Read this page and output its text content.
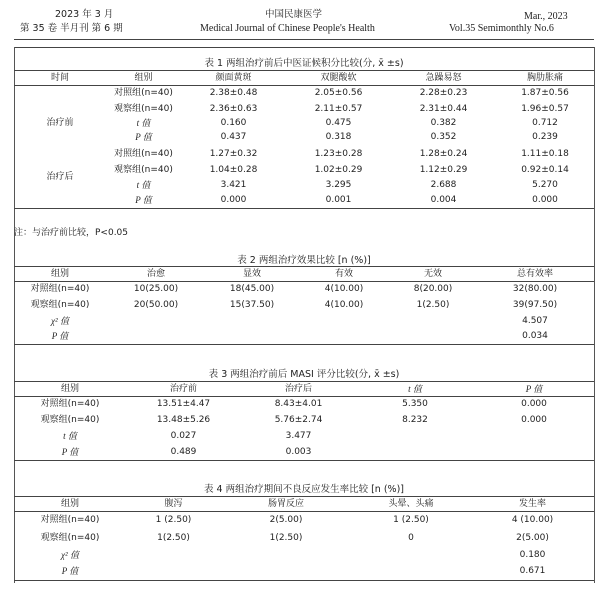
2023 年 3 月
第 35 卷 半月刊 第 6 期
中国民康医学
Medical Journal of Chinese People's Health
Mar., 2023
Vol.35 Semimonthly No.6
表 1 两组治疗前后中医证候积分比较(分, x̄ ±s)
时间	组别	颜面黄斑	双腿酸软	急躁易怒	胸肋胀痛
	对照组(n=40)	2.38±0.48	2.05±0.56	2.28±0.23	1.87±0.56
治疗前	观察组(n=40)	2.36±0.63	2.11±0.57	2.31±0.44	1.96±0.57
	t 值	0.160	0.475	0.382	0.712
	P 值	0.437	0.318	0.352	0.239
	对照组(n=40)	1.27±0.32	1.23±0.28	1.28±0.24	1.11±0.18
治疗后	观察组(n=40)	1.04±0.28	1.02±0.29	1.12±0.29	0.92±0.14
	t 值	3.421	3.295	2.688	5.270
	P 值	0.000	0.001	0.004	0.000
注：与治疗前比较，P<0.05
表 2 两组治疗效果比较 [n (%)]
组别	治愈	显效	有效	无效	总有效率
对照组(n=40)	10(25.00)	18(45.00)	4(10.00)	8(20.00)	32(80.00)
观察组(n=40)	20(50.00)	15(37.50)	4(10.00)	1(2.50)	39(97.50)
χ² 值					4.507
P 值					0.034
表 3 两组治疗前后 MASI 评分比较(分, x̄ ±s)
组别	治疗前	治疗后	t 值	P 值
对照组(n=40)	13.51±4.47	8.43±4.01	5.350	0.000
观察组(n=40)	13.48±5.26	5.76±2.74	8.232	0.000
t 值	0.027	3.477		
P 值	0.489	0.003		
表 4 两组治疗期间不良反应发生率比较 [n (%)]
组别	腹泻	肠胃反应	头晕、头痛	发生率
对照组(n=40)	1 (2.50)	2(5.00)	1 (2.50)	4 (10.00)
观察组(n=40)	1(2.50)	1(2.50)	0	2(5.00)
χ² 值				0.180
P 值				0.671
